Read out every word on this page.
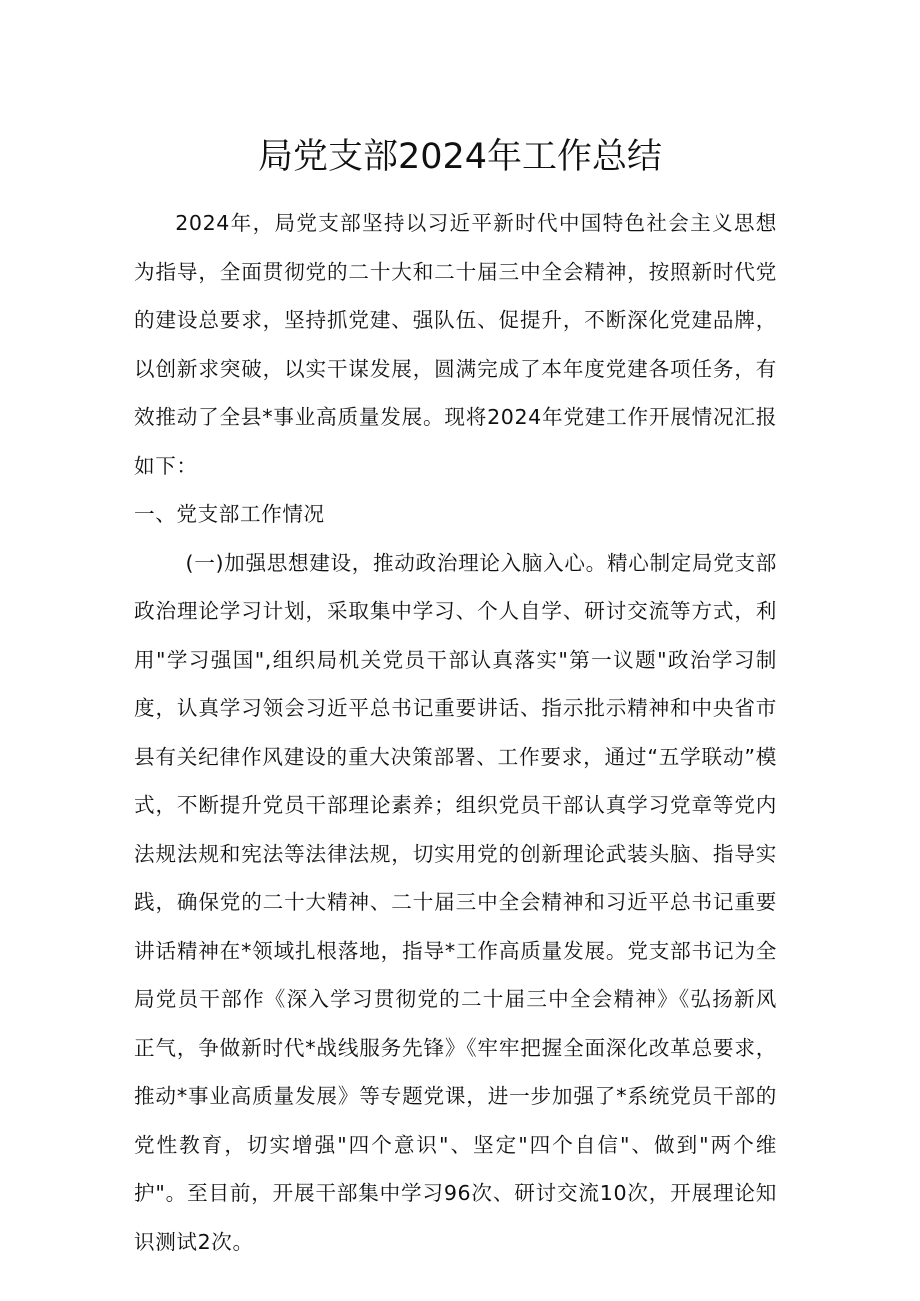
局党支部2024年工作总结

2024年，局党支部坚持以习近平新时代中国特色社会主义思想为指导，全面贯彻党的二十大和二十届三中全会精神，按照新时代党的建设总要求，坚持抓党建、强队伍、促提升，不断深化党建品牌，以创新求突破，以实干谋发展，圆满完成了本年度党建各项任务，有效推动了全县*事业高质量发展。现将2024年党建工作开展情况汇报如下：

一、党支部工作情况

(一)加强思想建设，推动政治理论入脑入心。精心制定局党支部政治理论学习计划，采取集中学习、个人自学、研讨交流等方式，利用"学习强国",组织局机关党员干部认真落实"第一议题"政治学习制度，认真学习领会习近平总书记重要讲话、指示批示精神和中央省市县有关纪律作风建设的重大决策部署、工作要求，通过“五学联动”模式，不断提升党员干部理论素养；组织党员干部认真学习党章等党内法规法规和宪法等法律法规，切实用党的创新理论武装头脑、指导实践，确保党的二十大精神、二十届三中全会精神和习近平总书记重要讲话精神在*领域扎根落地，指导*工作高质量发展。党支部书记为全局党员干部作《深入学习贯彻党的二十届三中全会精神》《弘扬新风正气，争做新时代*战线服务先锋》《牢牢把握全面深化改革总要求，推动*事业高质量发展》等专题党课，进一步加强了*系统党员干部的党性教育，切实增强"四个意识"、坚定"四个自信"、做到"两个维护"。至目前，开展干部集中学习96次、研讨交流10次，开展理论知识测试2次。
